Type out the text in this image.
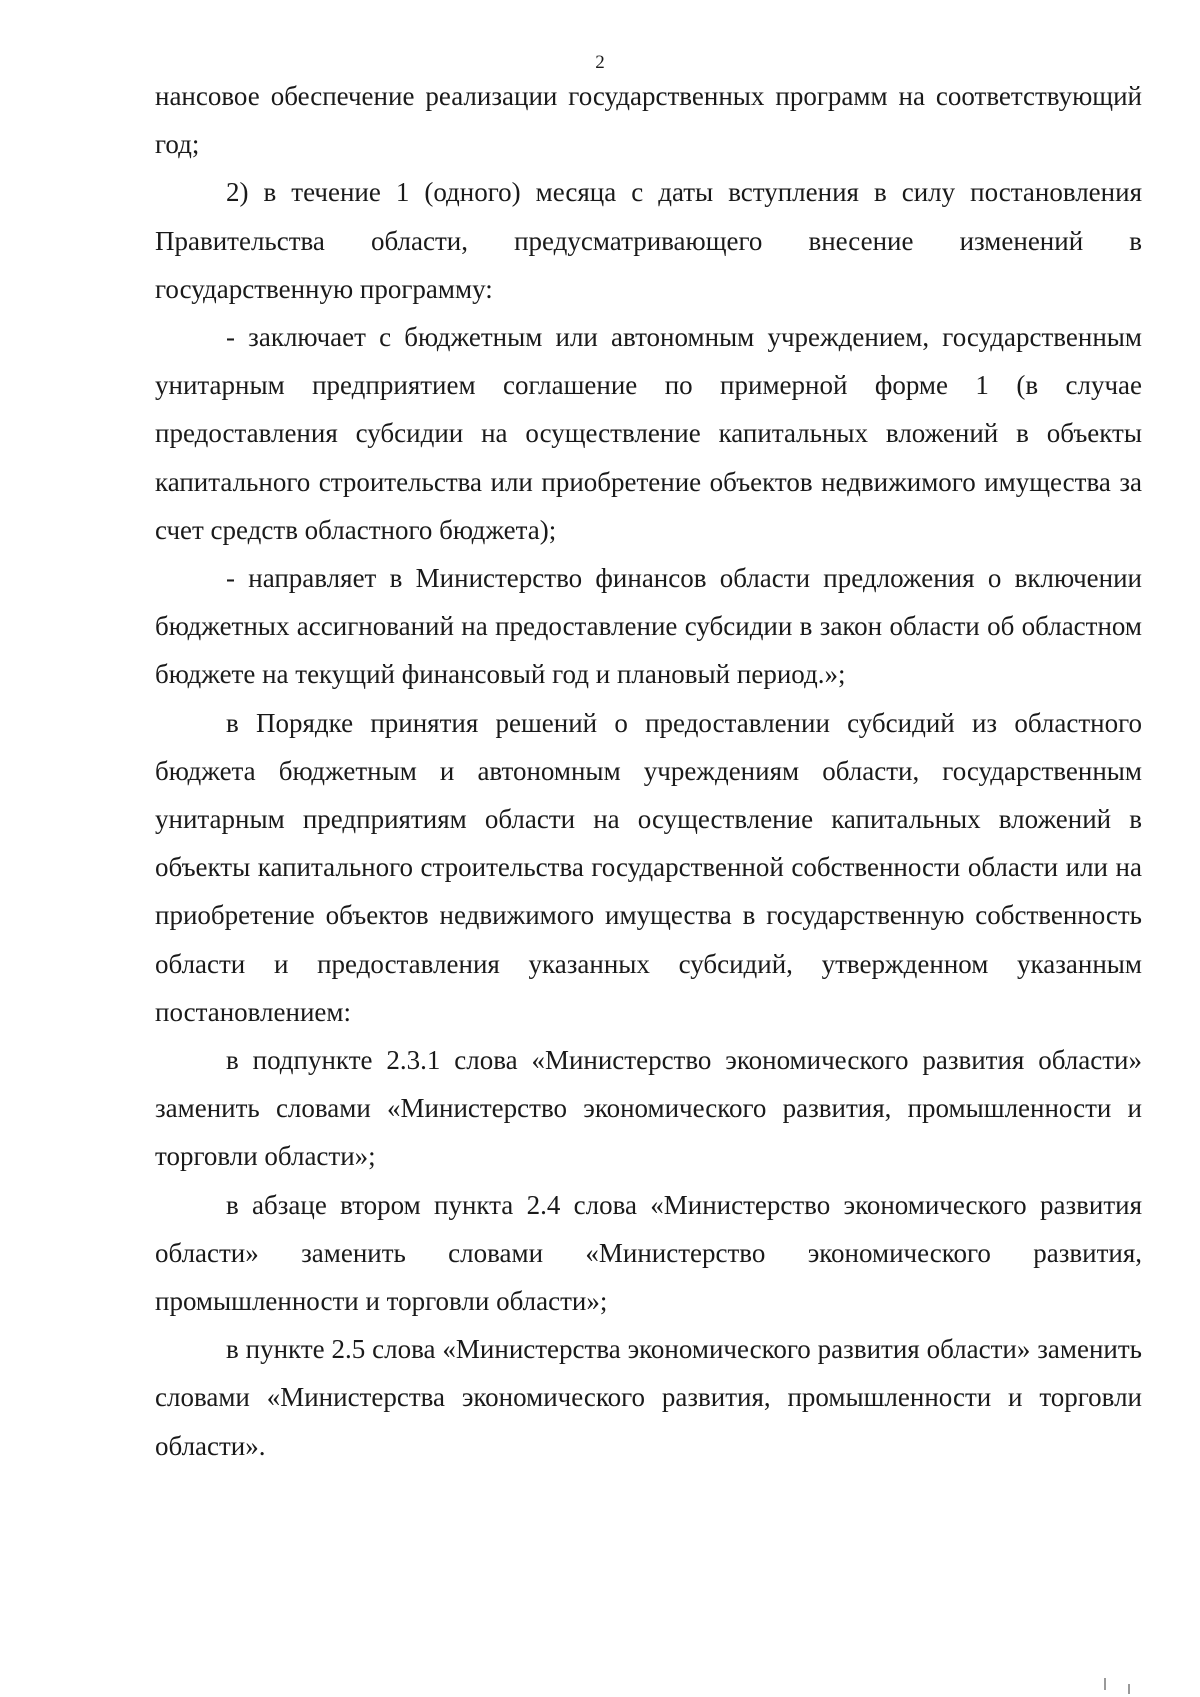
2

нансовое обеспечение реализации государственных программ на соответствующий год;

2) в течение 1 (одного) месяца с даты вступления в силу постановления Правительства области, предусматривающего внесение изменений в государственную программу:

- заключает с бюджетным или автономным учреждением, государственным унитарным предприятием соглашение по примерной форме 1 (в случае предоставления субсидии на осуществление капитальных вложений в объекты капитального строительства или приобретение объектов недвижимого имущества за счет средств областного бюджета);

- направляет в Министерство финансов области предложения о включении бюджетных ассигнований на предоставление субсидии в закон области об областном бюджете на текущий финансовый год и плановый период.»;

в Порядке принятия решений о предоставлении субсидий из областного бюджета бюджетным и автономным учреждениям области, государственным унитарным предприятиям области на осуществление капитальных вложений в объекты капитального строительства государственной собственности области или на приобретение объектов недвижимого имущества в государственную собственность области и предоставления указанных субсидий, утвержденном указанным постановлением:

в подпункте 2.3.1 слова «Министерство экономического развития области» заменить словами «Министерство экономического развития, промышленности и торговли области»;

в абзаце втором пункта 2.4 слова «Министерство экономического развития области» заменить словами «Министерство экономического развития, промышленности и торговли области»;

в пункте 2.5 слова «Министерства экономического развития области» заменить словами «Министерства экономического развития, промышленности и торговли области».
